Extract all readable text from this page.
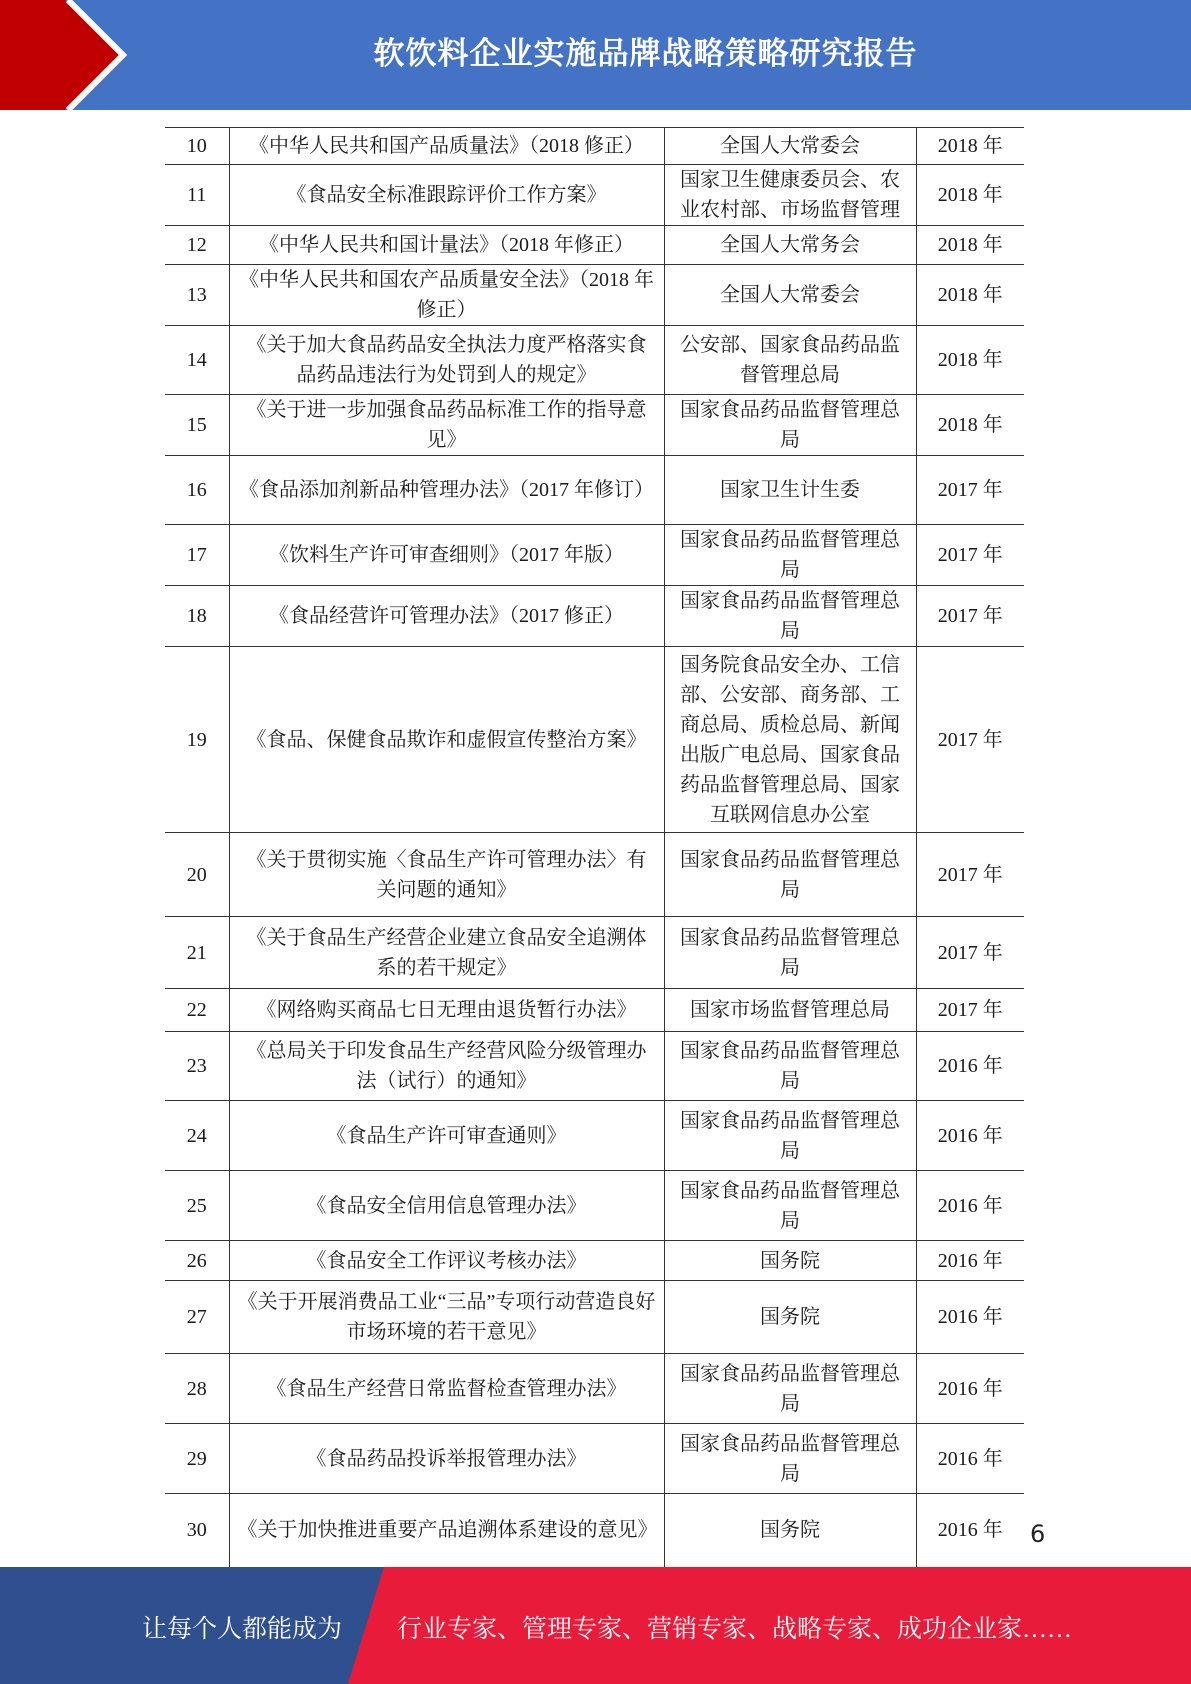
软饮料企业实施品牌战略策略研究报告
10	《中华人民共和国产品质量法》（2018 修正）	全国人大常委会	2018 年
11	《食品安全标准跟踪评价工作方案》	国家卫生健康委员会、农业农村部、市场监督管理	2018 年
12	《中华人民共和国计量法》（2018 年修正）	全国人大常务会	2018 年
13	《中华人民共和国农产品质量安全法》（2018 年修正）	全国人大常委会	2018 年
14	《关于加大食品药品安全执法力度严格落实食品药品违法行为处罚到人的规定》	公安部、国家食品药品监督管理总局	2018 年
15	《关于进一步加强食品药品标准工作的指导意见》	国家食品药品监督管理总局	2018 年
16	《食品添加剂新品种管理办法》（2017 年修订）	国家卫生计生委	2017 年
17	《饮料生产许可审查细则》（2017 年版）	国家食品药品监督管理总局	2017 年
18	《食品经营许可管理办法》（2017 修正）	国家食品药品监督管理总局	2017 年
19	《食品、保健食品欺诈和虚假宣传整治方案》	国务院食品安全办、工信部、公安部、商务部、工商总局、质检总局、新闻出版广电总局、国家食品药品监督管理总局、国家互联网信息办公室	2017 年
20	《关于贯彻实施〈食品生产许可管理办法〉有关问题的通知》	国家食品药品监督管理总局	2017 年
21	《关于食品生产经营企业建立食品安全追溯体系的若干规定》	国家食品药品监督管理总局	2017 年
22	《网络购买商品七日无理由退货暂行办法》	国家市场监督管理总局	2017 年
23	《总局关于印发食品生产经营风险分级管理办法（试行）的通知》	国家食品药品监督管理总局	2016 年
24	《食品生产许可审查通则》	国家食品药品监督管理总局	2016 年
25	《食品安全信用信息管理办法》	国家食品药品监督管理总局	2016 年
26	《食品安全工作评议考核办法》	国务院	2016 年
27	《关于开展消费品工业“三品”专项行动营造良好市场环境的若干意见》	国务院	2016 年
28	《食品生产经营日常监督检查管理办法》	国家食品药品监督管理总局	2016 年
29	《食品药品投诉举报管理办法》	国家食品药品监督管理总局	2016 年
30	《关于加快推进重要产品追溯体系建设的意见》	国务院	2016 年 6
让每个人都能成为 行业专家、管理专家、营销专家、战略专家、成功企业家……
